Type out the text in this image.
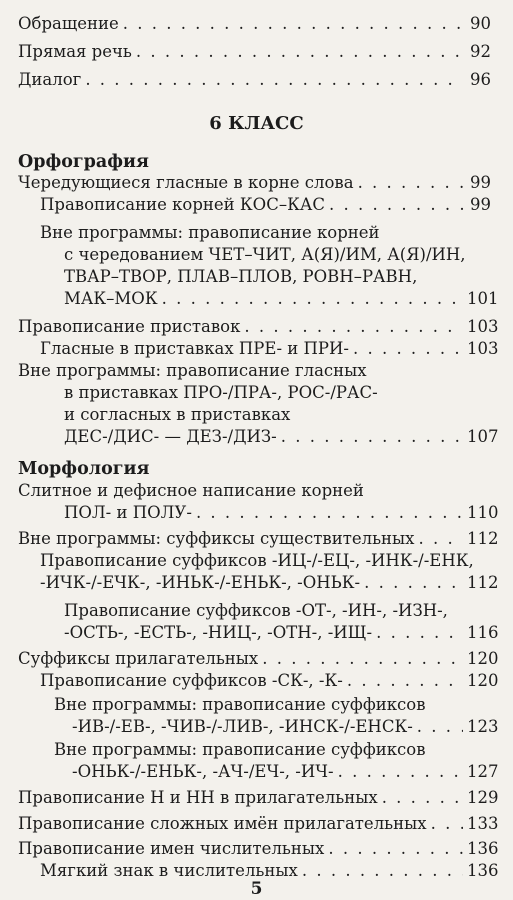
Обращение . . .	90
Прямая речь . . .	92
Диалог . . .	96
6 КЛАСС
Орфография
Чередующиеся гласные в корне слова . . .	99
Правописание корней КОС–КАС . . .	99
Вне программы: правописание корней
с чередованием ЧЕТ–ЧИТ, А(Я)/ИМ, А(Я)/ИН,
ТВАР–ТВОР, ПЛАВ–ПЛОВ, РОВН–РАВН,
МАК–МОК . . .	101
Правописание приставок . . .	103
Гласные в приставках ПРЕ- и ПРИ- . . .	103
Вне программы: правописание гласных
в приставках ПРО-/ПРА-, РОС-/РАС-
и согласных в приставках
ДЕС-/ДИС- — ДЕЗ-/ДИЗ- . . .	107
Морфология
Слитное и дефисное написание корней
ПОЛ- и ПОЛУ- . . .	110
Вне программы: суффиксы существительных . . .	112
Правописание суффиксов -ИЦ-/-ЕЦ-, -ИНК-/-ЕНК,
-ИЧК-/-ЕЧК-, -ИНЬК-/-ЕНЬК-, -ОНЬК- . . .	112
Правописание суффиксов -ОТ-, -ИН-, -ИЗН-,
-ОСТЬ-, -ЕСТЬ-, -НИЦ-, -ОТН-, -ИЩ- . . .	116
Суффиксы прилагательных . . .	120
Правописание суффиксов -СК-, -К- . . .	120
Вне программы: правописание суффиксов
-ИВ-/-ЕВ-, -ЧИВ-/-ЛИВ-, -ИНСК-/-ЕНСК- . . .	123
Вне программы: правописание суффиксов
-ОНЬК-/-ЕНЬК-, -АЧ-/ЕЧ-, -ИЧ- . . .	127
Правописание Н и НН в прилагательных . . .	129
Правописание сложных имён прилагательных . . . 133
Правописание имен числительных . . .	136
Мягкий знак в числительных . . .	136
5
